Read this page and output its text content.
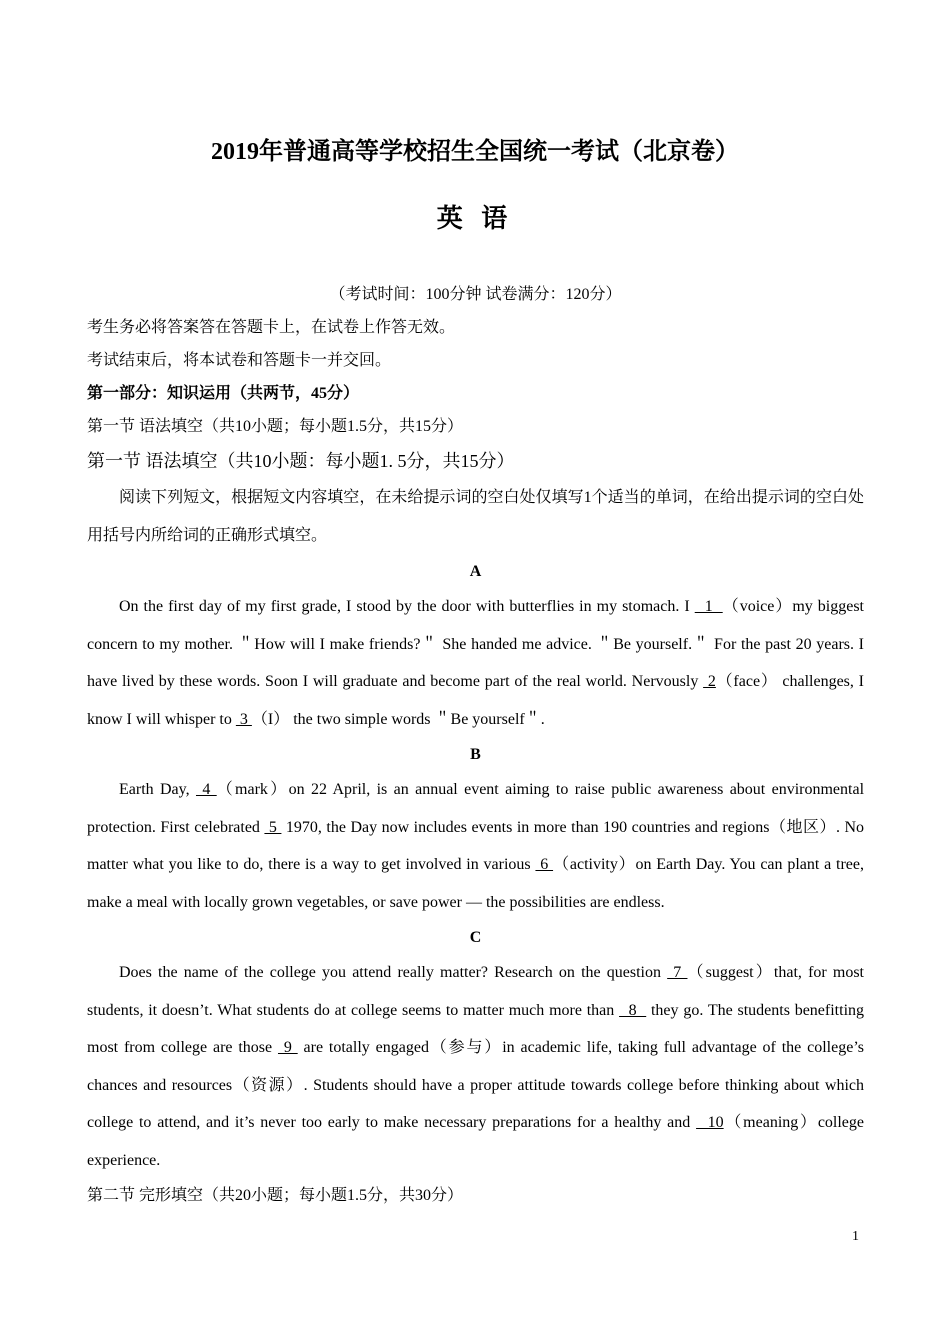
2019年普通高等学校招生全国统一考试（北京卷）
英 语

（考试时间：100分钟 试卷满分：120分）

考生务必将答案答在答题卡上，在试卷上作答无效。

考试结束后，将本试卷和答题卡一并交回。

第一部分：知识运用（共两节，45分）

第一节 语法填空（共10小题；每小题1.5分，共15分）

第一节 语法填空（共10小题：每小题1. 5分，共15分）

阅读下列短文，根据短文内容填空，在未给提示词的空白处仅填写1个适当的单词，在给出提示词的空白处用括号内所给词的正确形式填空。

A

On the first day of my first grade, I stood by the door with butterflies in my stomach. I   1  （voice）my biggest concern to my mother. ＂How will I make friends?＂ She handed me advice. ＂Be yourself.＂ For the past 20 years. I have lived by these words. Soon I will graduate and become part of the real world. Nervously  2（face） challenges, I know I will whisper to  3 （I） the two simple words ＂Be yourself＂.

B

Earth Day,  4 （mark）on 22 April, is an annual event aiming to raise public awareness about environmental protection. First celebrated  5  1970, the Day now includes events in more than 190 countries and regions（地区）. No matter what you like to do, there is a way to get involved in various  6 （activity）on Earth Day. You can plant a tree, make a meal with locally grown vegetables, or save power — the possibilities are endless.

C

Does the name of the college you attend really matter? Research on the question  7 （suggest）that, for most students, it doesn’t. What students do at college seems to matter much more than   8   they go. The students benefitting most from college are those  9  are totally engaged（参与）in academic life, taking full advantage of the college’s chances and resources（资源）. Students should have a proper attitude towards college before thinking about which college to attend, and it’s never too early to make necessary preparations for a healthy and   10（meaning）college experience.

第二节 完形填空（共20小题；每小题1.5分，共30分）

1
